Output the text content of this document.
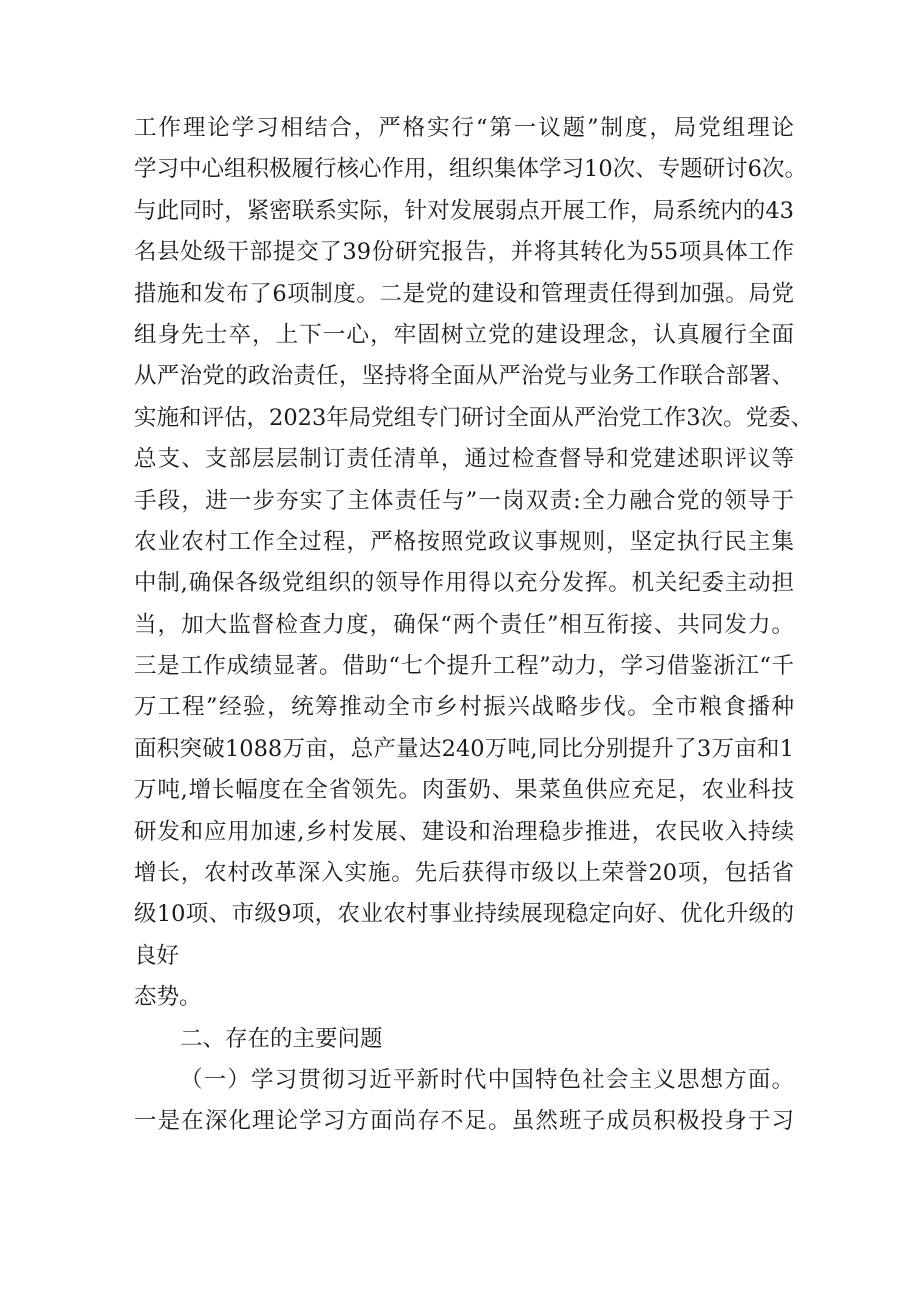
工作理论学习相结合，严格实行“第一议题”制度，局党组理论
学习中心组积极履行核心作用，组织集体学习10次、专题研讨6次。
与此同时，紧密联系实际，针对发展弱点开展工作，局系统内的43
名县处级干部提交了39份研究报告，并将其转化为55项具体工作
措施和发布了6项制度。二是党的建设和管理责任得到加强。局党
组身先士卒，上下一心，牢固树立党的建设理念，认真履行全面
从严治党的政治责任，坚持将全面从严治党与业务工作联合部署、
实施和评估，2023年局党组专门研讨全面从严治党工作3次。党委、
总支、支部层层制订责任清单，通过检查督导和党建述职评议等
手段，进一步夯实了主体责任与”一岗双责:全力融合党的领导于
农业农村工作全过程，严格按照党政议事规则，坚定执行民主集
中制,确保各级党组织的领导作用得以充分发挥。机关纪委主动担
当，加大监督检查力度，确保“两个责任”相互衔接、共同发力。
三是工作成绩显著。借助“七个提升工程”动力，学习借鉴浙江“千
万工程”经验，统筹推动全市乡村振兴战略步伐。全市粮食播种
面积突破1088万亩，总产量达240万吨,同比分别提升了3万亩和1
万吨,增长幅度在全省领先。肉蛋奶、果菜鱼供应充足，农业科技
研发和应用加速,乡村发展、建设和治理稳步推进，农民收入持续
增长，农村改革深入实施。先后获得市级以上荣誉20项，包括省
级10项、市级9项，农业农村事业持续展现稳定向好、优化升级的
良好
态势。
二、存在的主要问题
（一）学习贯彻习近平新时代中国特色社会主义思想方面。
一是在深化理论学习方面尚存不足。虽然班子成员积极投身于习
